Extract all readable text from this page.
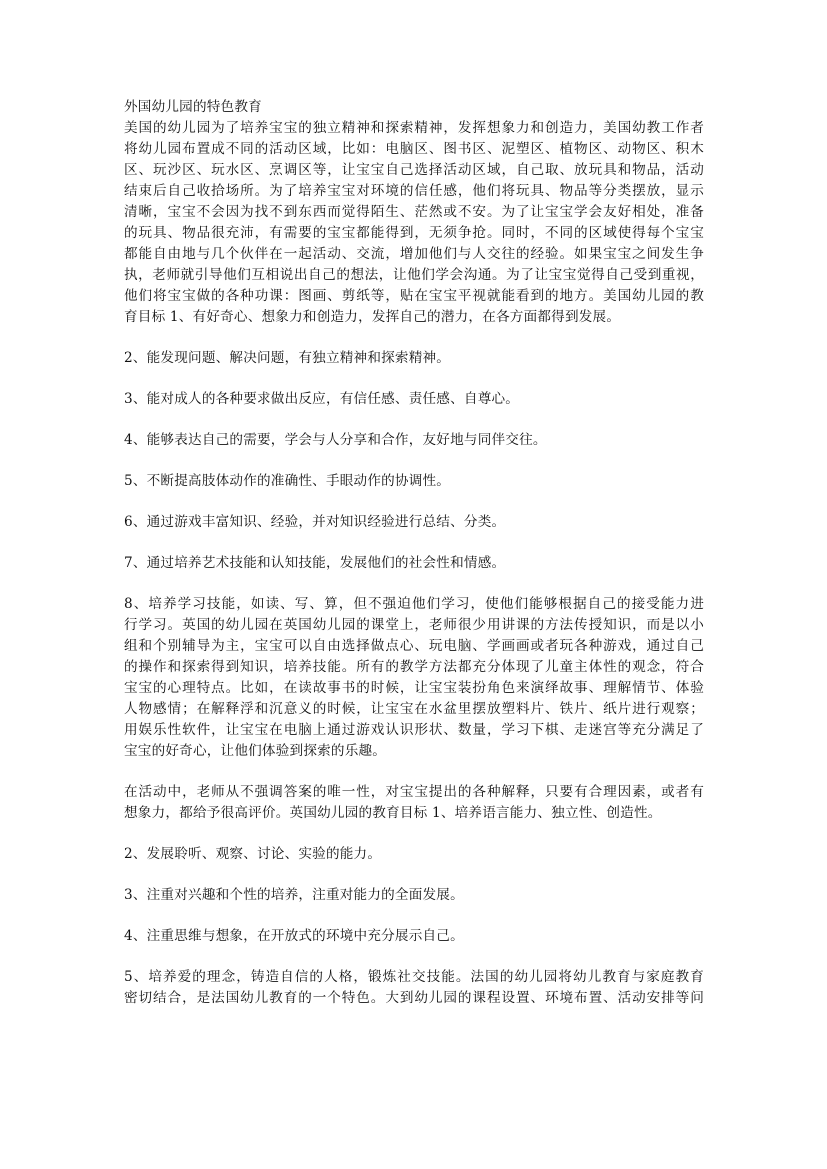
外国幼儿园的特色教育
美国的幼儿园为了培养宝宝的独立精神和探索精神，发挥想象力和创造力，美国幼教工作者
将幼儿园布置成不同的活动区域，比如：电脑区、图书区、泥塑区、植物区、动物区、积木
区、玩沙区、玩水区、烹调区等，让宝宝自己选择活动区域，自己取、放玩具和物品，活动
结束后自己收拾场所。为了培养宝宝对环境的信任感，他们将玩具、物品等分类摆放，显示
清晰，宝宝不会因为找不到东西而觉得陌生、茫然或不安。为了让宝宝学会友好相处，准备
的玩具、物品很充沛，有需要的宝宝都能得到，无须争抢。同时，不同的区域使得每个宝宝
都能自由地与几个伙伴在一起活动、交流，增加他们与人交往的经验。如果宝宝之间发生争
执，老师就引导他们互相说出自己的想法，让他们学会沟通。为了让宝宝觉得自己受到重视，
他们将宝宝做的各种功课：图画、剪纸等，贴在宝宝平视就能看到的地方。美国幼儿园的教
育目标 1、有好奇心、想象力和创造力，发挥自己的潜力，在各方面都得到发展。
2、能发现问题、解决问题，有独立精神和探索精神。
3、能对成人的各种要求做出反应，有信任感、责任感、自尊心。
4、能够表达自己的需要，学会与人分享和合作，友好地与同伴交往。
5、不断提高肢体动作的准确性、手眼动作的协调性。
6、通过游戏丰富知识、经验，并对知识经验进行总结、分类。
7、通过培养艺术技能和认知技能，发展他们的社会性和情感。
8、培养学习技能，如读、写、算，但不强迫他们学习，使他们能够根据自己的接受能力进
行学习。英国的幼儿园在英国幼儿园的课堂上，老师很少用讲课的方法传授知识，而是以小
组和个别辅导为主，宝宝可以自由选择做点心、玩电脑、学画画或者玩各种游戏，通过自己
的操作和探索得到知识，培养技能。所有的教学方法都充分体现了儿童主体性的观念，符合
宝宝的心理特点。比如，在读故事书的时候，让宝宝装扮角色来演绎故事、理解情节、体验
人物感情；在解释浮和沉意义的时候，让宝宝在水盆里摆放塑料片、铁片、纸片进行观察；
用娱乐性软件，让宝宝在电脑上通过游戏认识形状、数量，学习下棋、走迷宫等充分满足了
宝宝的好奇心，让他们体验到探索的乐趣。
在活动中，老师从不强调答案的唯一性，对宝宝提出的各种解释，只要有合理因素，或者有
想象力，都给予很高评价。英国幼儿园的教育目标 1、培养语言能力、独立性、创造性。
2、发展聆听、观察、讨论、实验的能力。
3、注重对兴趣和个性的培养，注重对能力的全面发展。
4、注重思维与想象，在开放式的环境中充分展示自己。
5、培养爱的理念，铸造自信的人格，锻炼社交技能。法国的幼儿园将幼儿教育与家庭教育
密切结合，是法国幼儿教育的一个特色。大到幼儿园的课程设置、环境布置、活动安排等问
